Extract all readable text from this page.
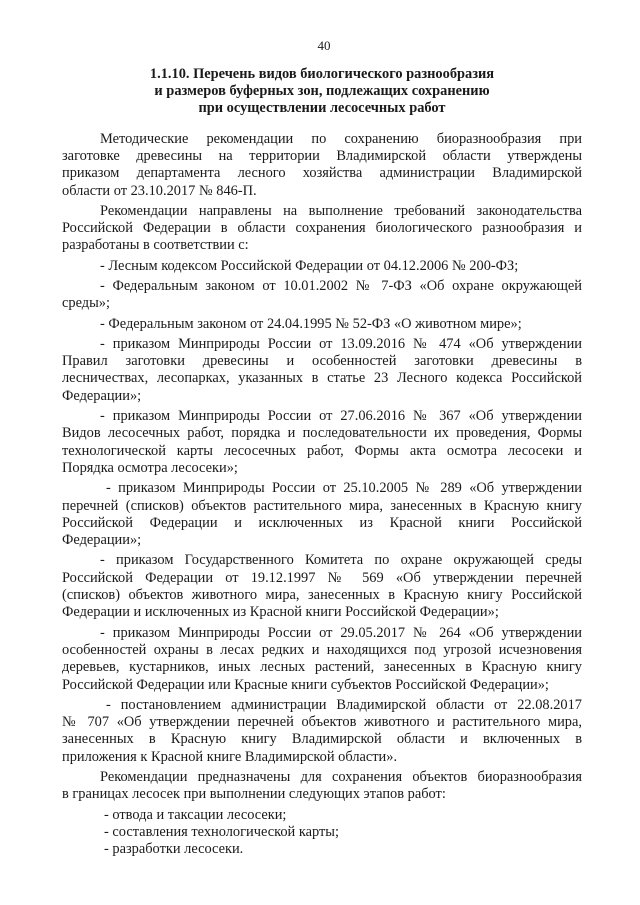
40
1.1.10. Перечень видов биологического разнообразия
и размеров буферных зон, подлежащих сохранению
при осуществлении лесосечных работ
Методические рекомендации по сохранению биоразнообразия при
заготовке древесины на территории Владимирской области утверждены
приказом департамента лесного хозяйства администрации Владимирской
области от 23.10.2017 № 846-П.
Рекомендации направлены на выполнение требований законодательства
Российской Федерации в области сохранения биологического разнообразия и
разработаны в соответствии с:
- Лесным кодексом Российской Федерации от 04.12.2006 № 200-ФЗ;
- Федеральным законом от 10.01.2002 № 7-ФЗ «Об охране окружающей
среды»;
- Федеральным законом от 24.04.1995 № 52-ФЗ «О животном мире»;
- приказом Минприроды России от 13.09.2016 № 474 «Об утверждении
Правил заготовки древесины и особенностей заготовки древесины в
лесничествах, лесопарках, указанных в статье 23 Лесного кодекса Российской
Федерации»;
- приказом Минприроды России от 27.06.2016 № 367 «Об утверждении
Видов лесосечных работ, порядка и последовательности их проведения, Формы
технологической карты лесосечных работ, Формы акта осмотра лесосеки и
Порядка осмотра лесосеки»;
- приказом Минприроды России от 25.10.2005 № 289 «Об утверждении
перечней (списков) объектов растительного мира, занесенных в Красную книгу
Российской Федерации и исключенных из Красной книги Российской
Федерации»;
- приказом Государственного Комитета по охране окружающей среды
Российской Федерации от 19.12.1997 № 569 «Об утверждении перечней
(списков) объектов животного мира, занесенных в Красную книгу Российской
Федерации и исключенных из Красной книги Российской Федерации»;
- приказом Минприроды России от 29.05.2017 № 264 «Об утверждении
особенностей охраны в лесах редких и находящихся под угрозой исчезновения
деревьев, кустарников, иных лесных растений, занесенных в Красную книгу
Российской Федерации или Красные книги субъектов Российской Федерации»;
- постановлением администрации Владимирской области от 22.08.2017
№ 707 «Об утверждении перечней объектов животного и растительного мира,
занесенных в Красную книгу Владимирской области и включенных в
приложения к Красной книге Владимирской области».
Рекомендации предназначены для сохранения объектов биоразнообразия
в границах лесосек при выполнении следующих этапов работ:
- отвода и таксации лесосеки;
- составления технологической карты;
- разработки лесосеки.
